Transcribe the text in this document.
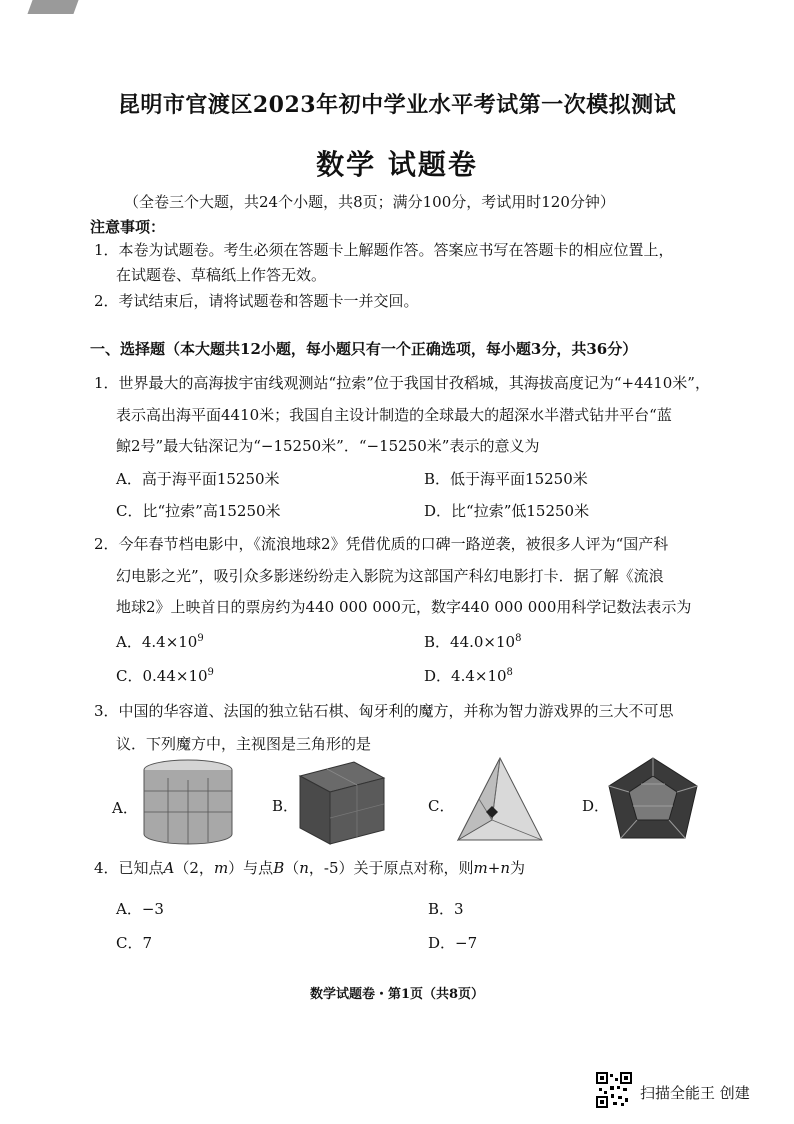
昆明市官渡区2023年初中学业水平考试第一次模拟测试
数学 试题卷
（全卷三个大题，共24个小题，共8页；满分100分，考试用时120分钟）
注意事项：
1．本卷为试题卷。考生必须在答题卡上解题作答。答案应书写在答题卡的相应位置上，
在试题卷、草稿纸上作答无效。
2．考试结束后，请将试题卷和答题卡一并交回。
一、选择题（本大题共12小题，每小题只有一个正确选项，每小题3分，共36分）
1．世界最大的高海拔宇宙线观测站“拉索”位于我国甘孜稻城，其海拔高度记为“+4410米”，
表示高出海平面4410米；我国自主设计制造的全球最大的超深水半潜式钻井平台“蓝
鲸2号”最大钻深记为“−15250米”．“−15250米”表示的意义为
A．高于海平面15250米	B．低于海平面15250米
C．比“拉索”高15250米	D．比“拉索”低15250米
2．今年春节档电影中，《流浪地球2》凭借优质的口碑一路逆袭，被很多人评为“国产科
幻电影之光”，吸引众多影迷纷纷走入影院为这部国产科幻电影打卡．据了解《流浪
地球2》上映首日的票房约为440 000 000元，数字440 000 000用科学记数法表示为
A．$4.4\times 10^9$	B．$44.0\times 10^8$
C．$0.44\times 10^9$	D．$4.4\times 10^8$
3．中国的华容道、法国的独立钻石棋、匈牙利的魔方，并称为智力游戏界的三大不可思
议．下列魔方中，主视图是三角形的是
A．	B．	C．	D．
4．已知点A（2，m）与点B（n，-5）关于原点对称，则m+n为
A．−3	B．3
C．7	D．−7
数学试题卷・第1页（共8页）
扫描全能王 创建
